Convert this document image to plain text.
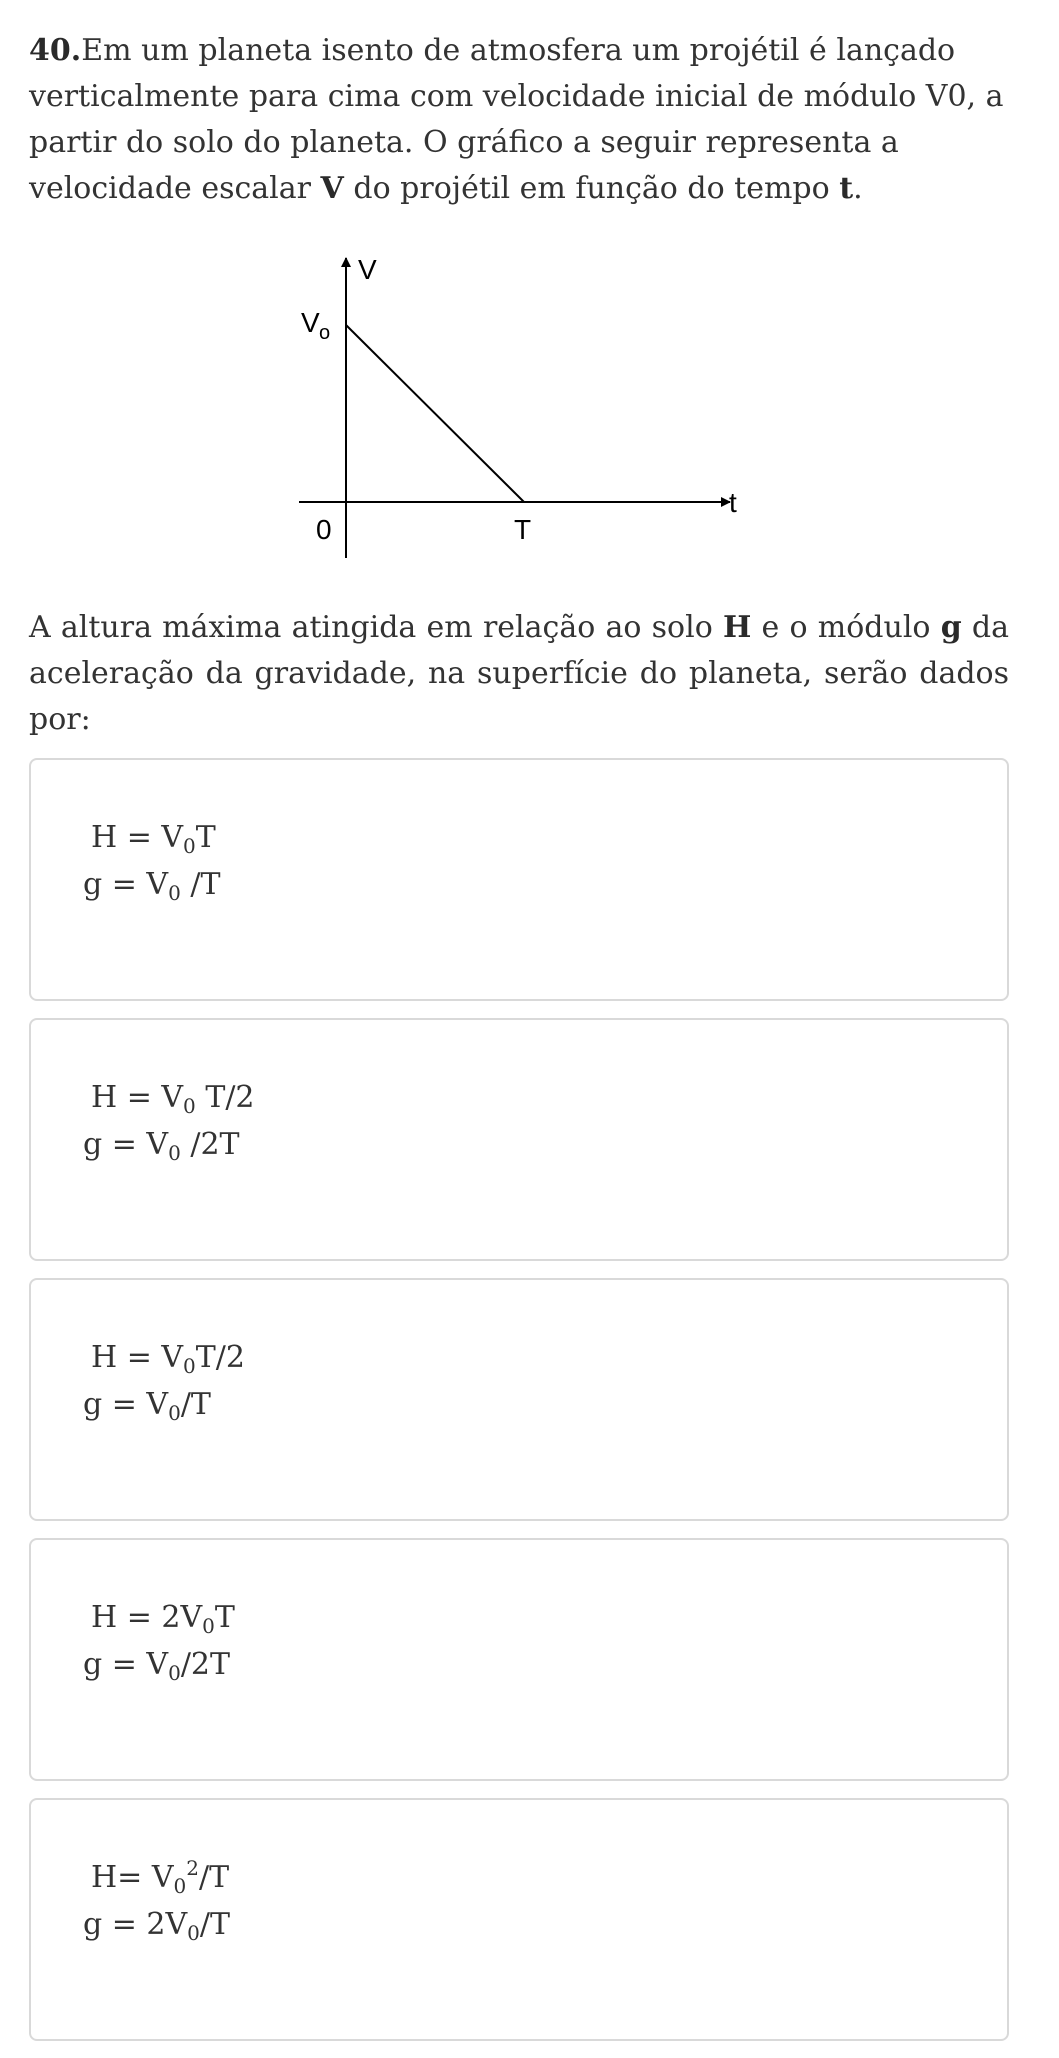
40.Em um planeta isento de atmosfera um projétil é lançado verticalmente para cima com velocidade inicial de módulo V0, a partir do solo do planeta. O gráfico a seguir representa a velocidade escalar V do projétil em função do tempo t.

V
V o
0	T
t

A altura máxima atingida em relação ao solo H e o módulo g da aceleração da gravidade, na superfície do planeta, serão dados por:

$H = V_0T$
$g = V_0$ /T
$H = V_0$ T/2
$g = V_0$ /2T
$H = V_0T/2$
$g = V_0/T$
$H = 2V_0T$
$g = V_0/2T$
$H= V_0^2/T$
$g = 2V_0/T$
